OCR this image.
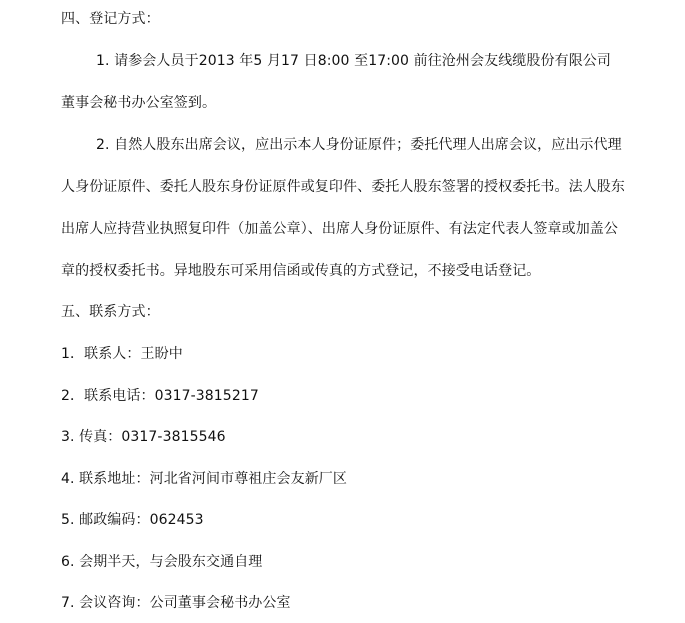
四、登记方式：
1. 请参会人员于2013 年5 月17 日8:00 至17:00 前往沧州会友线缆股份有限公司
董事会秘书办公室签到。
2. 自然人股东出席会议，应出示本人身份证原件；委托代理人出席会议，应出示代理
人身份证原件、委托人股东身份证原件或复印件、委托人股东签署的授权委托书。法人股东
出席人应持营业执照复印件（加盖公章）、出席人身份证原件、有法定代表人签章或加盖公
章的授权委托书。异地股东可采用信函或传真的方式登记，不接受电话登记。
五、联系方式：
1．联系人：王盼中
2．联系电话：0317-3815217
3. 传真：0317-3815546
4. 联系地址：河北省河间市尊祖庄会友新厂区
5. 邮政编码：062453
6. 会期半天，与会股东交通自理
7. 会议咨询：公司董事会秘书办公室
